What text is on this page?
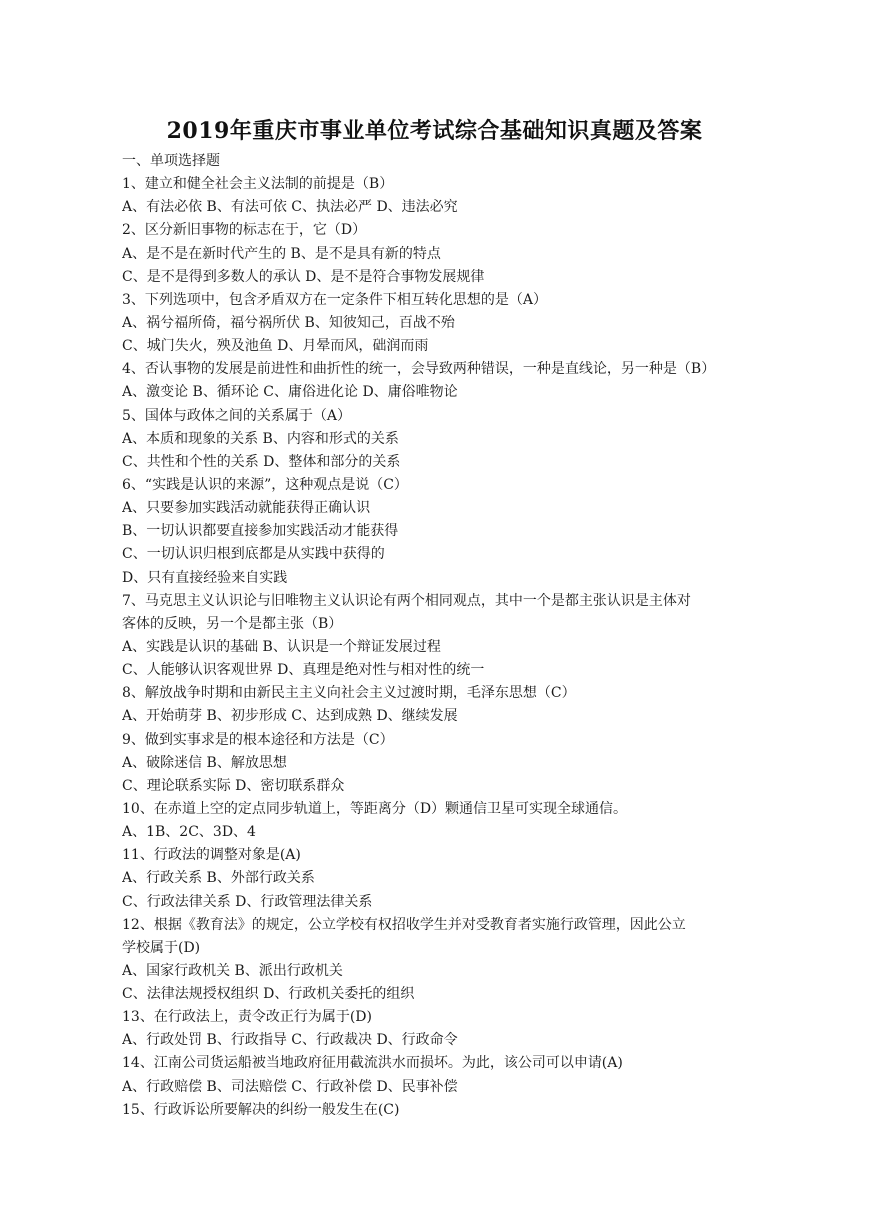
2019年重庆市事业单位考试综合基础知识真题及答案
一、单项选择题
1、建立和健全社会主义法制的前提是（B）
A、有法必依 B、有法可依 C、执法必严 D、违法必究
2、区分新旧事物的标志在于，它（D）
A、是不是在新时代产生的 B、是不是具有新的特点
C、是不是得到多数人的承认 D、是不是符合事物发展规律
3、下列选项中，包含矛盾双方在一定条件下相互转化思想的是（A）
A、祸兮福所倚，福兮祸所伏 B、知彼知己，百战不殆
C、城门失火，殃及池鱼 D、月晕而风，础润而雨
4、否认事物的发展是前进性和曲折性的统一，会导致两种错误，一种是直线论，另一种是（B）
A、激变论 B、循环论 C、庸俗进化论 D、庸俗唯物论
5、国体与政体之间的关系属于（A）
A、本质和现象的关系 B、内容和形式的关系
C、共性和个性的关系 D、整体和部分的关系
6、“实践是认识的来源”，这种观点是说（C）
A、只要参加实践活动就能获得正确认识
B、一切认识都要直接参加实践活动才能获得
C、一切认识归根到底都是从实践中获得的
D、只有直接经验来自实践
7、马克思主义认识论与旧唯物主义认识论有两个相同观点，其中一个是都主张认识是主体对
客体的反映，另一个是都主张（B）
A、实践是认识的基础 B、认识是一个辩证发展过程
C、人能够认识客观世界 D、真理是绝对性与相对性的统一
8、解放战争时期和由新民主主义向社会主义过渡时期，毛泽东思想（C）
A、开始萌芽 B、初步形成 C、达到成熟 D、继续发展
9、做到实事求是的根本途径和方法是（C）
A、破除迷信 B、解放思想
C、理论联系实际 D、密切联系群众
10、在赤道上空的定点同步轨道上，等距离分（D）颗通信卫星可实现全球通信。
A、1B、2C、3D、4
11、行政法的调整对象是(A)
A、行政关系 B、外部行政关系
C、行政法律关系 D、行政管理法律关系
12、根据《教育法》的规定，公立学校有权招收学生并对受教育者实施行政管理，因此公立
学校属于(D)
A、国家行政机关 B、派出行政机关
C、法律法规授权组织 D、行政机关委托的组织
13、在行政法上，责令改正行为属于(D)
A、行政处罚 B、行政指导 C、行政裁决 D、行政命令
14、江南公司货运船被当地政府征用截流洪水而损坏。为此，该公司可以申请(A)
A、行政赔偿 B、司法赔偿 C、行政补偿 D、民事补偿
15、行政诉讼所要解决的纠纷一般发生在(C)
